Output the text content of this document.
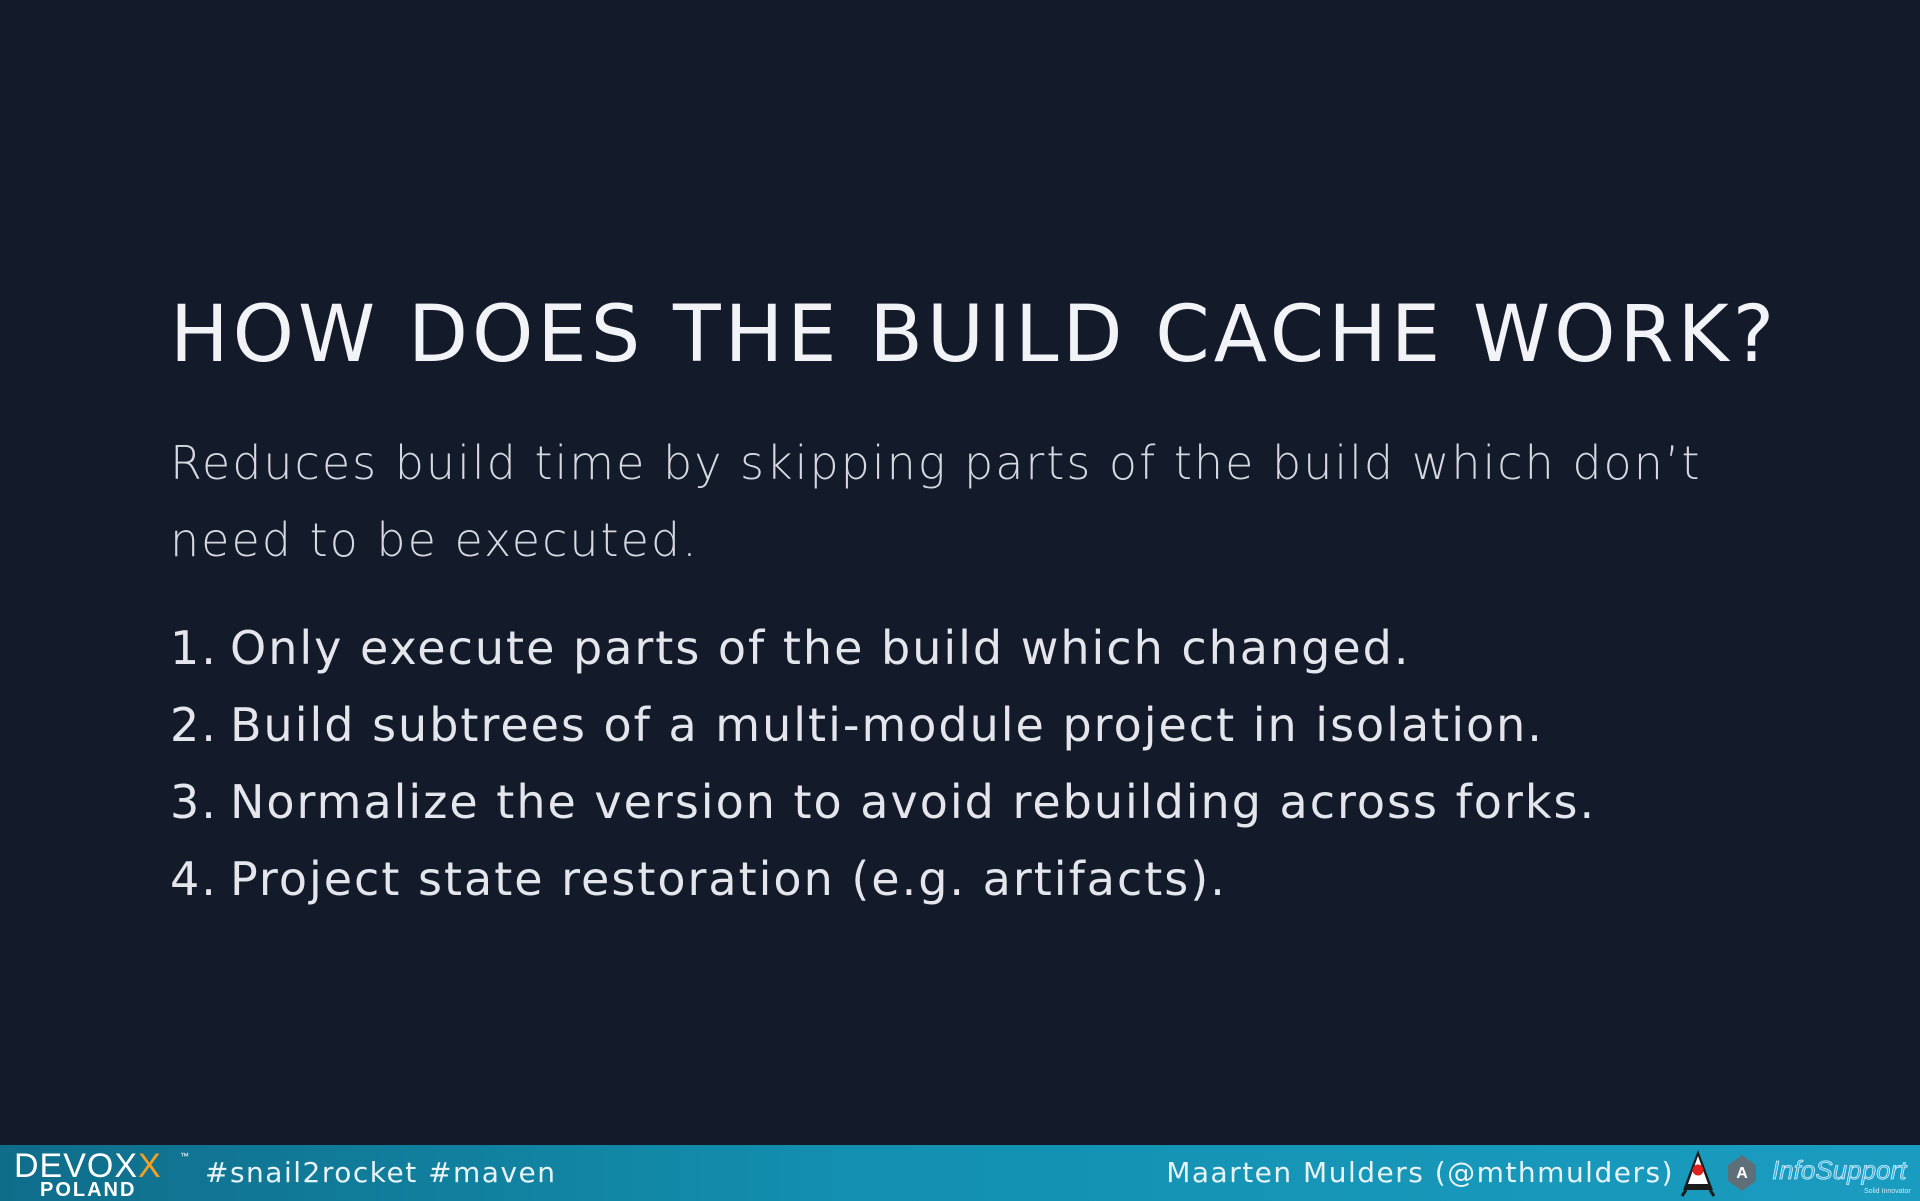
HOW DOES THE BUILD CACHE WORK?
Reduces build time by skipping parts of the build which don’t need to be executed.
1. Only execute parts of the build which changed.
2. Build subtrees of a multi-module project in isolation.
3. Normalize the version to avoid rebuilding across forks.
4. Project state restoration (e.g. artifacts).
DEVOXX ™
POLAND
#snail2rocket #maven	Maarten Mulders (@mthmulders)	A InfoSupport
Solid Innovator
